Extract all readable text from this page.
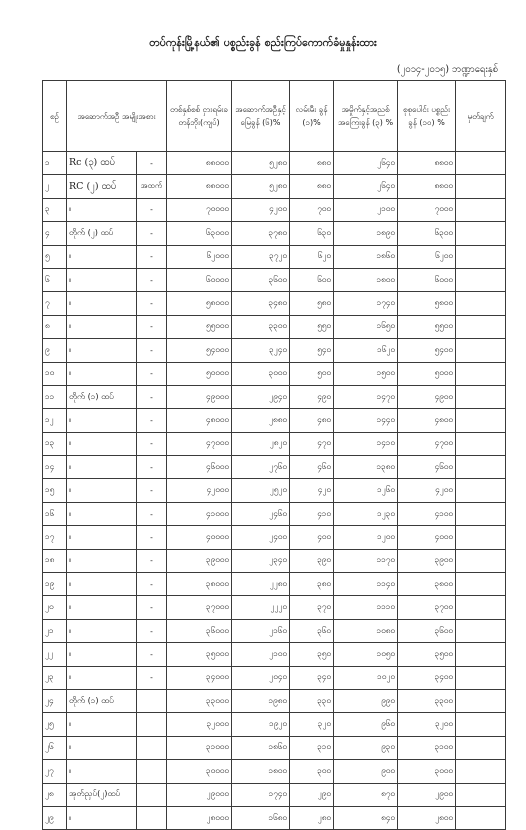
တပ်ကုန်းမြို့နယ်၏ ပစ္စည်းခွန် စည်းကြပ်ကောက်ခံမှုနှုန်းထား
(၂၀၁၄-၂၀၁၅) ဘဏ္ဍာရေးနှစ်
စဉ်	အဆောက်အဦ အမျိုးအစား		တစ်နှစ်စစ် ငှားရမ်းခ တန်ဘိုး(ကျပ်)	အဆောက်အဦနှင့်မြေခွန် (၆)%	လမ်းမီး ခွန် (၁)%	အမှိုက်နှင့်အညစ် အကြေးခွန် (၃) %	စုစုပေါင်း ပစ္စည်းခွန် (၁၀) %	မှတ်ချက်
၁	Rc (၃) ထပ်	-	၈၈၀၀၀	၅၂၈၀	၈၈၀	၂၆၄၀	၈၈၀၀	
၂	RC (၂) ထပ်	အထက်	၈၈၀၀၀	၅၂၈၀	၈၈၀	၂၆၄၀	၈၈၀၀	
၃	။	-	၇၀၀၀၀	၄၂၀၀	၇၀၀	၂၁၀၀	၇၀၀၀	
၄	တိုက် (၂) ထပ်	-	၆၃၀၀၀	၃၇၈၀	၆၃၀	၁၈၉၀	၆၃၀၀	
၅	။	-	၆၂၀၀၀	၃၇၂၀	၆၂၀	၁၈၆၀	၆၂၀၀	
၆	။	-	၆၀၀၀၀	၃၆၀၀	၆၀၀	၁၈၀၀	၆၀၀၀	
၇	။	-	၅၈၀၀၀	၃၄၈၀	၅၈၀	၁၇၄၀	၅၈၀၀	
၈	။	-	၅၅၀၀၀	၃၃၀၀	၅၅၀	၁၆၅၀	၅၅၀၀	
၉	။	-	၅၄၀၀၀	၃၂၄၀	၅၄၀	၁၆၂၀	၅၄၀၀	
၁၀	။	-	၅၀၀၀၀	၃၀၀၀	၅၀၀	၁၅၀၀	၅၀၀၀	
၁၁	တိုက် (၁) ထပ်	-	၄၉၀၀၀	၂၉၄၀	၄၉၀	၁၄၇၀	၄၉၀၀	
၁၂	။	-	၄၈၀၀၀	၂၈၈၀	၄၈၀	၁၄၄၀	၄၈၀၀	
၁၃	။	-	၄၇၀၀၀	၂၈၂၀	၄၇၀	၁၄၁၀	၄၇၀၀	
၁၄	။	-	၄၆၀၀၀	၂၇၆၀	၄၆၀	၁၃၈၀	၄၆၀၀	
၁၅	။	-	၄၂၀၀၀	၂၅၂၀	၄၂၀	၁၂၆၀	၄၂၀၀	
၁၆	။	-	၄၁၀၀၀	၂၄၆၀	၄၁၀	၁၂၃၀	၄၁၀၀	
၁၇	။	-	၄၀၀၀၀	၂၄၀၀	၄၀၀	၁၂၀၀	၄၀၀၀	
၁၈	။	-	၃၉၀၀၀	၂၃၄၀	၃၉၀	၁၁၇၀	၃၉၀၀	
၁၉	။	-	၃၈၀၀၀	၂၂၈၀	၃၈၀	၁၁၄၀	၃၈၀၀	
၂၀	။	-	၃၇၀၀၀	၂၂၂၀	၃၇၀	၁၁၁၀	၃၇၀၀	
၂၁	။	-	၃၆၀၀၀	၂၁၆၀	၃၆၀	၁၀၈၀	၃၆၀၀	
၂၂	။	-	၃၅၀၀၀	၂၁၀၀	၃၅၀	၁၀၅၀	၃၅၀၀	
၂၃	။	-	၃၄၀၀၀	၂၀၄၀	၃၄၀	၁၀၂၀	၃၄၀၀	
၂၄	တိုက် (၁) ထပ်		၃၃၀၀၀	၁၉၈၀	၃၃၀	၉၉၀	၃၃၀၀	
၂၅	။		၃၂၀၀၀	၁၉၂၀	၃၂၀	၉၆၀	၃၂၀၀	
၂၆	။		၃၁၀၀၀	၁၈၆၀	၃၁၀	၉၃၀	၃၁၀၀	
၂၇	။		၃၀၀၀၀	၁၈၀၀	၃၀၀	၉၀၀	၃၀၀၀	
၂၈	အုတ်ညှပ်(၂)ထပ်		၂၉၀၀၀	၁၇၄၀	၂၉၀	၈၇၀	၂၉၀၀	
၂၉	။		၂၈၀၀၀	၁၆၈၀	၂၈၀	၈၄၀	၂၈၀၀	
